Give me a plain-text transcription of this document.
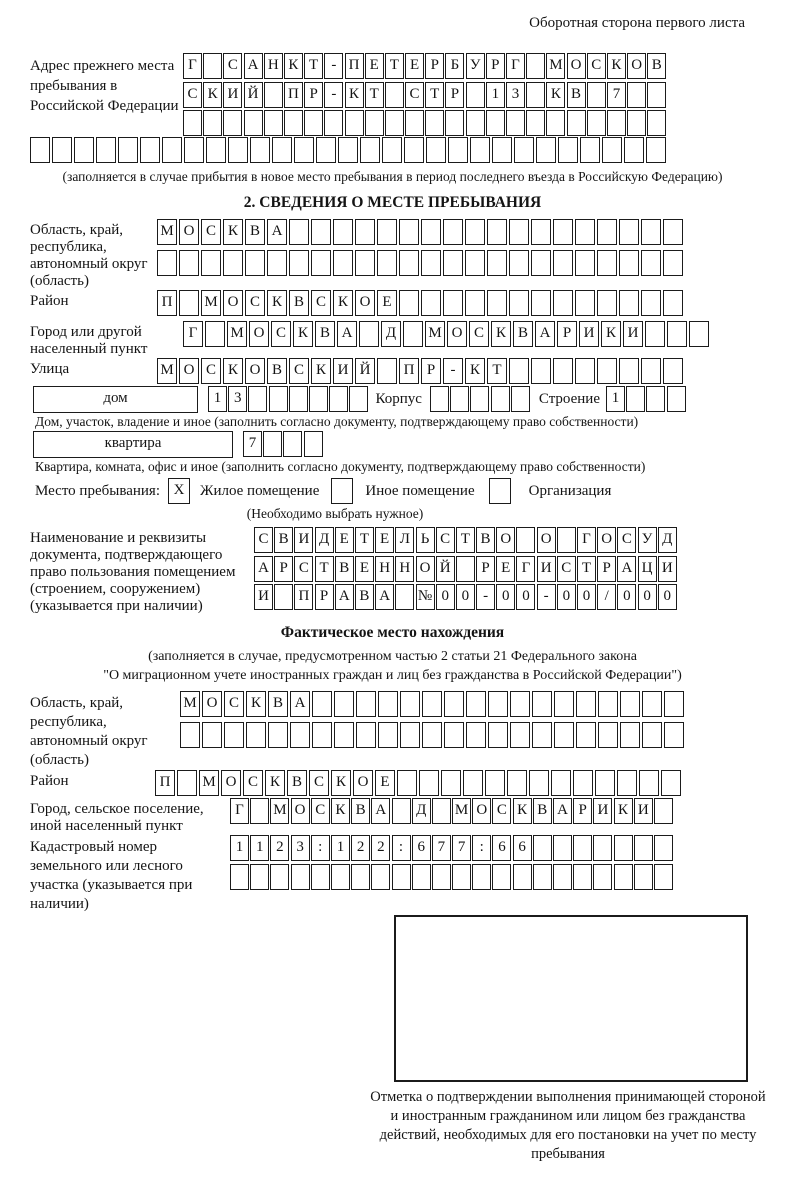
Оборотная сторона первого листа
Адрес прежнего места пребывания в Российской Федерации
Г С А Н К Т - П Е Т Е Р Б У Р Г М О С К О В
С К И Й П Р - К Т С Т Р 1 3 К В 7
(заполняется в случае прибытия в новое место пребывания в период последнего въезда в Российскую Федерацию)
2. СВЕДЕНИЯ О МЕСТЕ ПРЕБЫВАНИЯ
Область, край, республика, автономный округ (область)
М О С К В А
Район	П М О С К В С К О Е
Город или другой населенный пункт
Г М О С К В А Д М О С К В А Р И К И
Улица	М О С К О В С К И Й П Р - К Т
дом	1 3	Корпус	Строение 1
Дом, участок, владение и иное (заполнить согласно документу, подтверждающему право собственности)
квартира	7
Квартира, комната, офис и иное (заполнить согласно документу, подтверждающему право собственности)
Место пребывания: X Жилое помещение	Иное помещение	Организация
(Необходимо выбрать нужное)
Наименование и реквизиты документа, подтверждающего право пользования помещением (строением, сооружением) (указывается при наличии)
С В И Д Е Т Е Л Ь С Т В О О Г О С У Д
А Р С Т В Е Н Н О Й Р Е Г И С Т Р А Ц И
И П Р А В А № 0 0 - 0 0 - 0 0 / 0 0 0
Фактическое место нахождения
(заполняется в случае, предусмотренном частью 2 статьи 21 Федерального закона
"О миграционном учете иностранных граждан и лиц без гражданства в Российской Федерации")
Область, край, республика, автономный округ (область)
М О С К В А
Район	П М О С К В С К О Е
Город, сельское поселение, иной населенный пункт
Г М О С К В А Д М О С К В А Р И К И
Кадастровый номер земельного или лесного участка (указывается при наличии)
1 1 2 3 : 1 2 2 : 6 7 7 : 6 6
Отметка о подтверждении выполнения принимающей стороной и иностранным гражданином или лицом без гражданства действий, необходимых для его постановки на учет по месту пребывания
